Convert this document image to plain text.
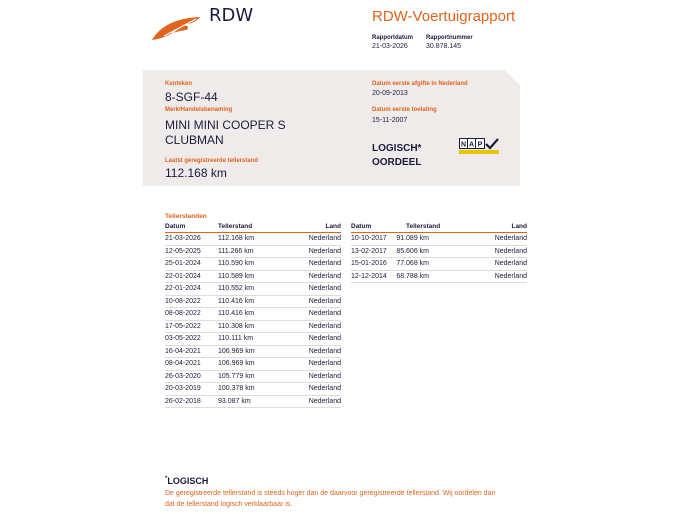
RDW	RDW-Voertuigrapport
Rapportdatum
21-03-2026
Rapportnummer
30.878.145
Kenteken
8-SGF-44
Merk/Handelsbenaming
MINI MINI COOPER S
CLUBMAN
Laatst geregistreerde tellerstand
112.168 km
Datum eerste afgifte in Nederland
20-09-2013
Datum eerste toelating
15-11-2007
LOGISCH*
OORDEEL
N A P
Tellerstanden
Datum	Tellerstand	Land
21-03-2026 112.168 km	Nederland
12-05-2025 111.266 km	Nederland
25-01-2024 110.590 km	Nederland
22-01-2024 110.589 km	Nederland
22-01-2024 110.552 km	Nederland
10-08-2022 110.416 km	Nederland
08-08-2022 110.416 km	Nederland
17-05-2022 110.308 km	Nederland
03-05-2022 110.111 km	Nederland
16-04-2021 106.969 km	Nederland
08-04-2021 106.969 km	Nederland
26-03-2020 105.779 km	Nederland
20-03-2019 100.378 km	Nederland
26-02-2018 93.087 km	Nederland
Datum	Tellerstand	Land
10-10-2017 91.089 km	Nederland
13-02-2017 85.606 km	Nederland
15-01-2016 77.068 km	Nederland
12-12-2014 68.788 km	Nederland
*LOGISCH
De geregistreerde tellerstand is steeds hoger dan de daarvoor geregistreerde tellerstand. Wij oordelen dan dat de tellerstand logisch verklaarbaar is.
